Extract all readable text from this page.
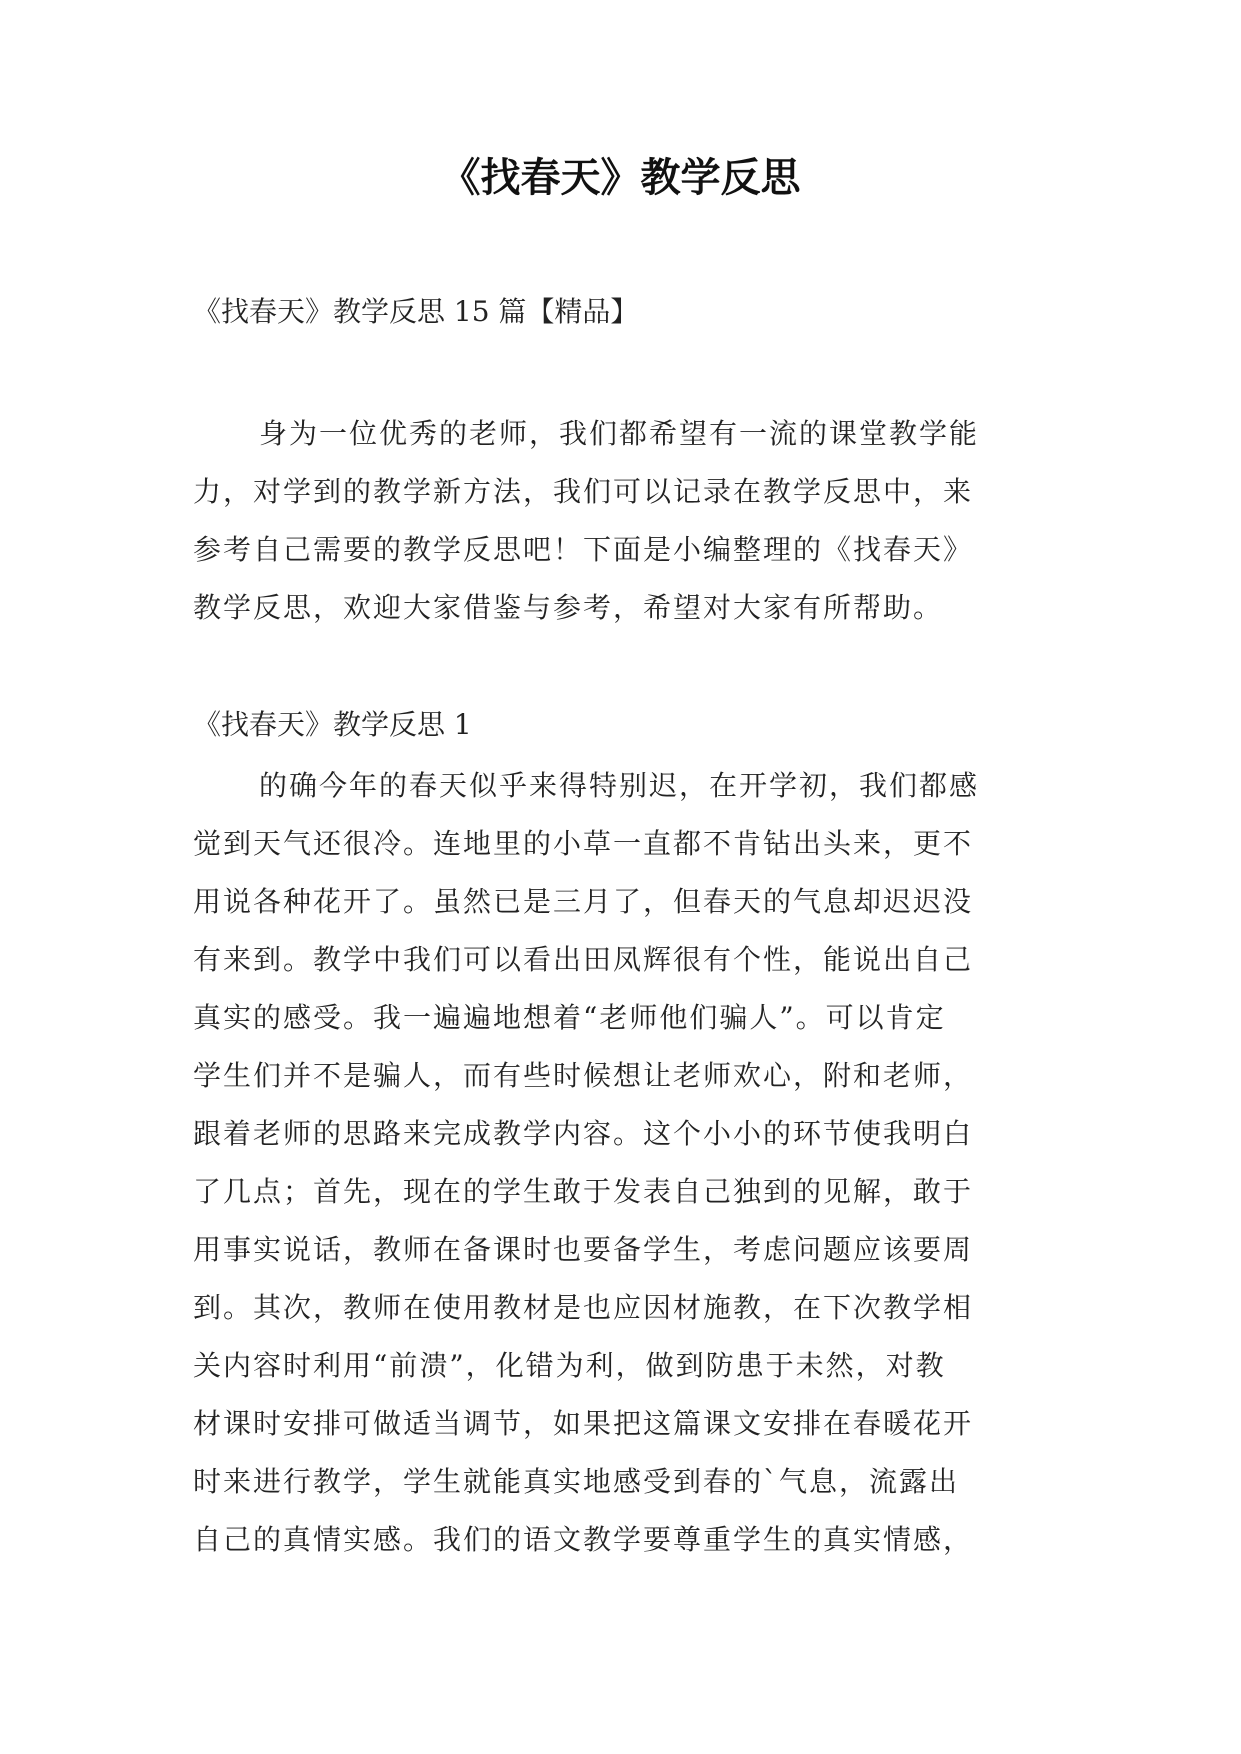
《找春天》教学反思

《找春天》教学反思 15 篇【精品】

身为一位优秀的老师，我们都希望有一流的课堂教学能
力，对学到的教学新方法，我们可以记录在教学反思中，来
参考自己需要的教学反思吧！下面是小编整理的《找春天》
教学反思，欢迎大家借鉴与参考，希望对大家有所帮助。

《找春天》教学反思 1

的确今年的春天似乎来得特别迟，在开学初，我们都感
觉到天气还很冷。连地里的小草一直都不肯钻出头来，更不
用说各种花开了。虽然已是三月了，但春天的气息却迟迟没
有来到。教学中我们可以看出田凤辉很有个性，能说出自己
真实的感受。我一遍遍地想着“老师他们骗人”。可以肯定
学生们并不是骗人，而有些时候想让老师欢心，附和老师，
跟着老师的思路来完成教学内容。这个小小的环节使我明白
了几点；首先，现在的学生敢于发表自己独到的见解，敢于
用事实说话，教师在备课时也要备学生，考虑问题应该要周
到。其次，教师在使用教材是也应因材施教，在下次教学相
关内容时利用“前溃”，化错为利，做到防患于未然，对教
材课时安排可做适当调节，如果把这篇课文安排在春暖花开
时来进行教学，学生就能真实地感受到春的`气息，流露出
自己的真情实感。我们的语文教学要尊重学生的真实情感，
